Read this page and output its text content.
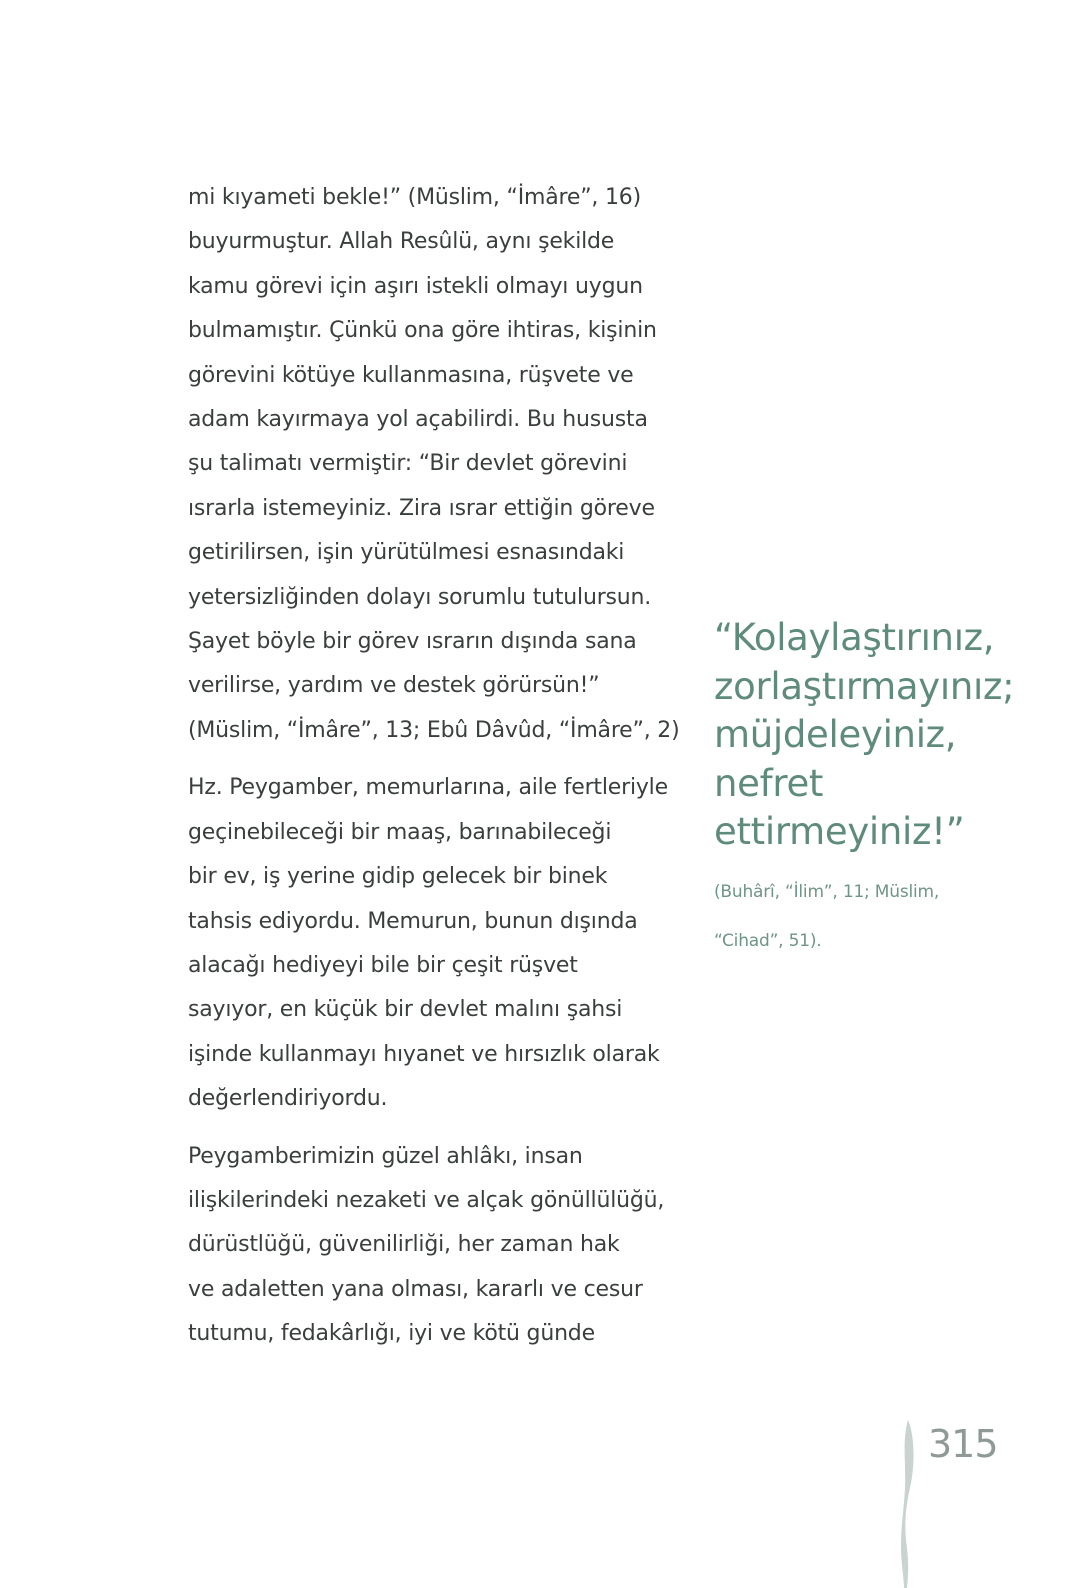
mi kıyameti bekle!” (Müslim, “İmâre”, 16)
buyurmuştur. Allah Resûlü, aynı şekilde
kamu görevi için aşırı istekli olmayı uygun
bulmamıştır. Çünkü ona göre ihtiras, kişinin
görevini kötüye kullanmasına, rüşvete ve
adam kayırmaya yol açabilirdi. Bu hususta
şu talimatı vermiştir: “Bir devlet görevini
ısrarla istemeyiniz. Zira ısrar ettiğin göreve
getirilirsen, işin yürütülmesi esnasındaki
yetersizliğinden dolayı sorumlu tutulursun.
Şayet böyle bir görev ısrarın dışında sana
verilirse, yardım ve destek görürsün!”
(Müslim, “İmâre”, 13; Ebû Dâvûd, “İmâre”, 2)
Hz. Peygamber, memurlarına, aile fertleriyle
geçinebileceği bir maaş, barınabileceği
bir ev, iş yerine gidip gelecek bir binek
tahsis ediyordu. Memurun, bunun dışında
alacağı hediyeyi bile bir çeşit rüşvet
sayıyor, en küçük bir devlet malını şahsi
işinde kullanmayı hıyanet ve hırsızlık olarak
değerlendiriyordu.
Peygamberimizin güzel ahlâkı, insan
ilişkilerindeki nezaketi ve alçak gönüllülüğü,
dürüstlüğü, güvenilirliği, her zaman hak
ve adaletten yana olması, kararlı ve cesur
tutumu, fedakârlığı, iyi ve kötü günde
“Kolaylaştırınız,
zorlaştırmayınız;
müjdeleyiniz,
nefret
ettirmeyiniz!”
(Buhârî, “İlim”, 11; Müslim,
“Cihad”, 51).
315
